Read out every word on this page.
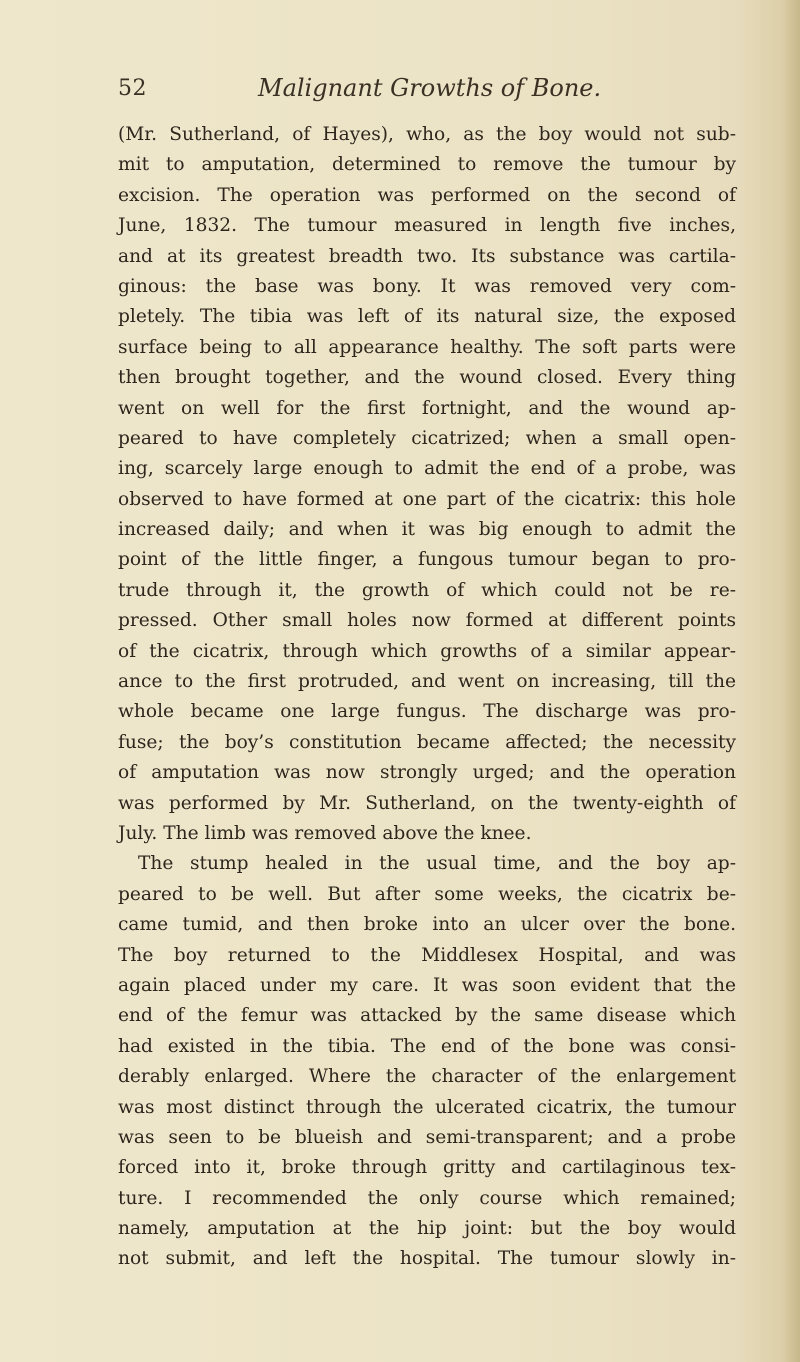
52	Malignant Growths of Bone.
(Mr. Sutherland, of Hayes), who, as the boy would not sub-
mit to amputation, determined to remove the tumour by
excision. The operation was performed on the second of
June, 1832. The tumour measured in length five inches,
and at its greatest breadth two. Its substance was cartila-
ginous: the base was bony. It was removed very com-
pletely. The tibia was left of its natural size, the exposed
surface being to all appearance healthy. The soft parts were
then brought together, and the wound closed. Every thing
went on well for the first fortnight, and the wound ap-
peared to have completely cicatrized; when a small open-
ing, scarcely large enough to admit the end of a probe, was
observed to have formed at one part of the cicatrix: this hole
increased daily; and when it was big enough to admit the
point of the little finger, a fungous tumour began to pro-
trude through it, the growth of which could not be re-
pressed. Other small holes now formed at different points
of the cicatrix, through which growths of a similar appear-
ance to the first protruded, and went on increasing, till the
whole became one large fungus. The discharge was pro-
fuse; the boy’s constitution became affected; the necessity
of amputation was now strongly urged; and the operation
was performed by Mr. Sutherland, on the twenty-eighth of
July. The limb was removed above the knee.
The stump healed in the usual time, and the boy ap-
peared to be well. But after some weeks, the cicatrix be-
came tumid, and then broke into an ulcer over the bone.
The boy returned to the Middlesex Hospital, and was
again placed under my care. It was soon evident that the
end of the femur was attacked by the same disease which
had existed in the tibia. The end of the bone was consi-
derably enlarged. Where the character of the enlargement
was most distinct through the ulcerated cicatrix, the tumour
was seen to be blueish and semi-transparent; and a probe
forced into it, broke through gritty and cartilaginous tex-
ture. I recommended the only course which remained;
namely, amputation at the hip joint: but the boy would
not submit, and left the hospital. The tumour slowly in-
